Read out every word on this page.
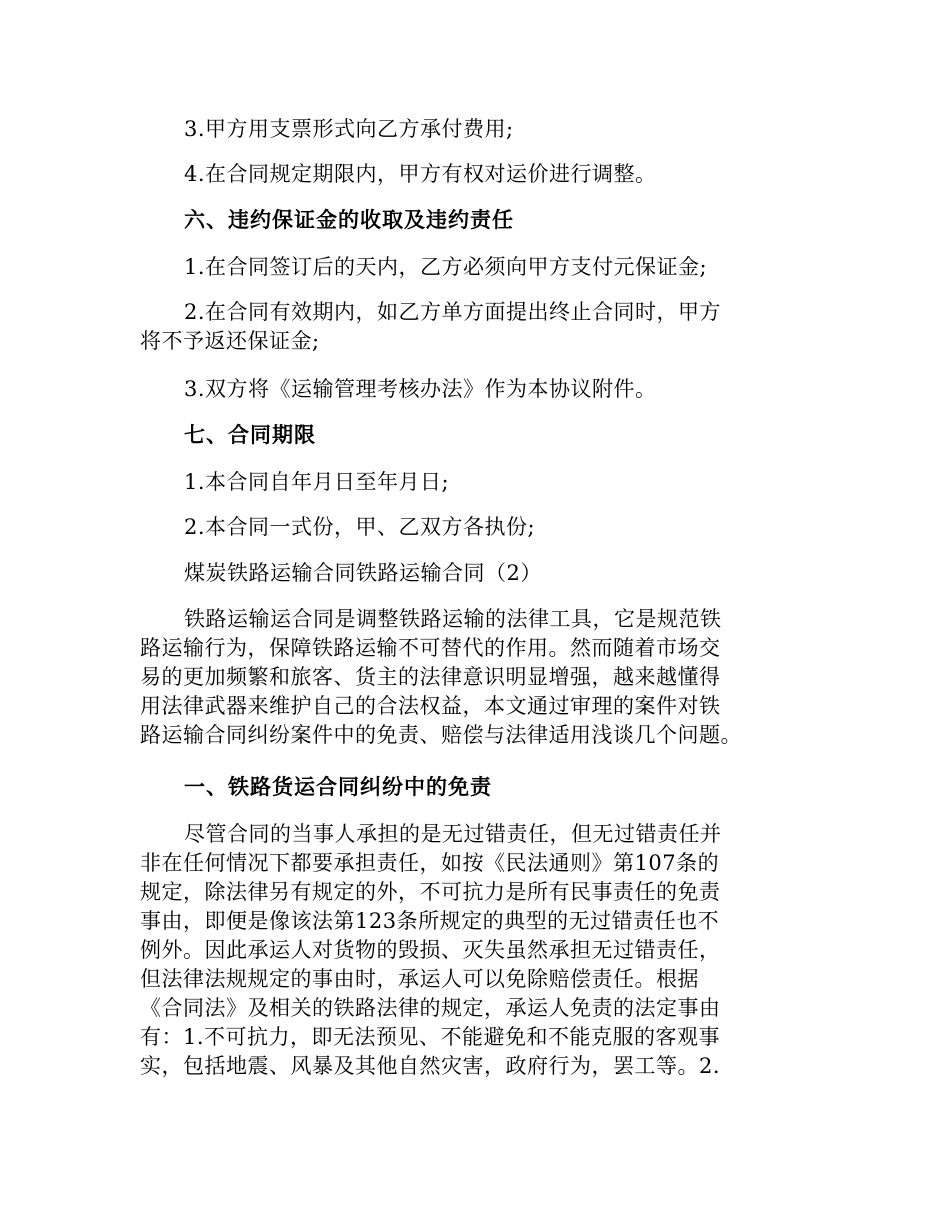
3.甲方用支票形式向乙方承付费用;
4.在合同规定期限内，甲方有权对运价进行调整。
六、违约保证金的收取及违约责任
1.在合同签订后的天内，乙方必须向甲方支付元保证金;
2.在合同有效期内，如乙方单方面提出终止合同时，甲方
将不予返还保证金;
3.双方将《运输管理考核办法》作为本协议附件。
七、合同期限
1.本合同自年月日至年月日;
2.本合同一式份，甲、乙双方各执份;
煤炭铁路运输合同铁路运输合同（2）
铁路运输运合同是调整铁路运输的法律工具，它是规范铁
路运输行为，保障铁路运输不可替代的作用。然而随着市场交
易的更加频繁和旅客、货主的法律意识明显增强，越来越懂得
用法律武器来维护自己的合法权益，本文通过审理的案件对铁
路运输合同纠纷案件中的免责、赔偿与法律适用浅谈几个问题。
一、铁路货运合同纠纷中的免责
尽管合同的当事人承担的是无过错责任，但无过错责任并
非在任何情况下都要承担责任，如按《民法通则》第107条的
规定，除法律另有规定的外，不可抗力是所有民事责任的免责
事由，即便是像该法第123条所规定的典型的无过错责任也不
例外。因此承运人对货物的毁损、灭失虽然承担无过错责任，
但法律法规规定的事由时，承运人可以免除赔偿责任。根据
《合同法》及相关的铁路法律的规定，承运人免责的法定事由
有：1.不可抗力，即无法预见、不能避免和不能克服的客观事
实，包括地震、风暴及其他自然灾害，政府行为，罢工等。2.
